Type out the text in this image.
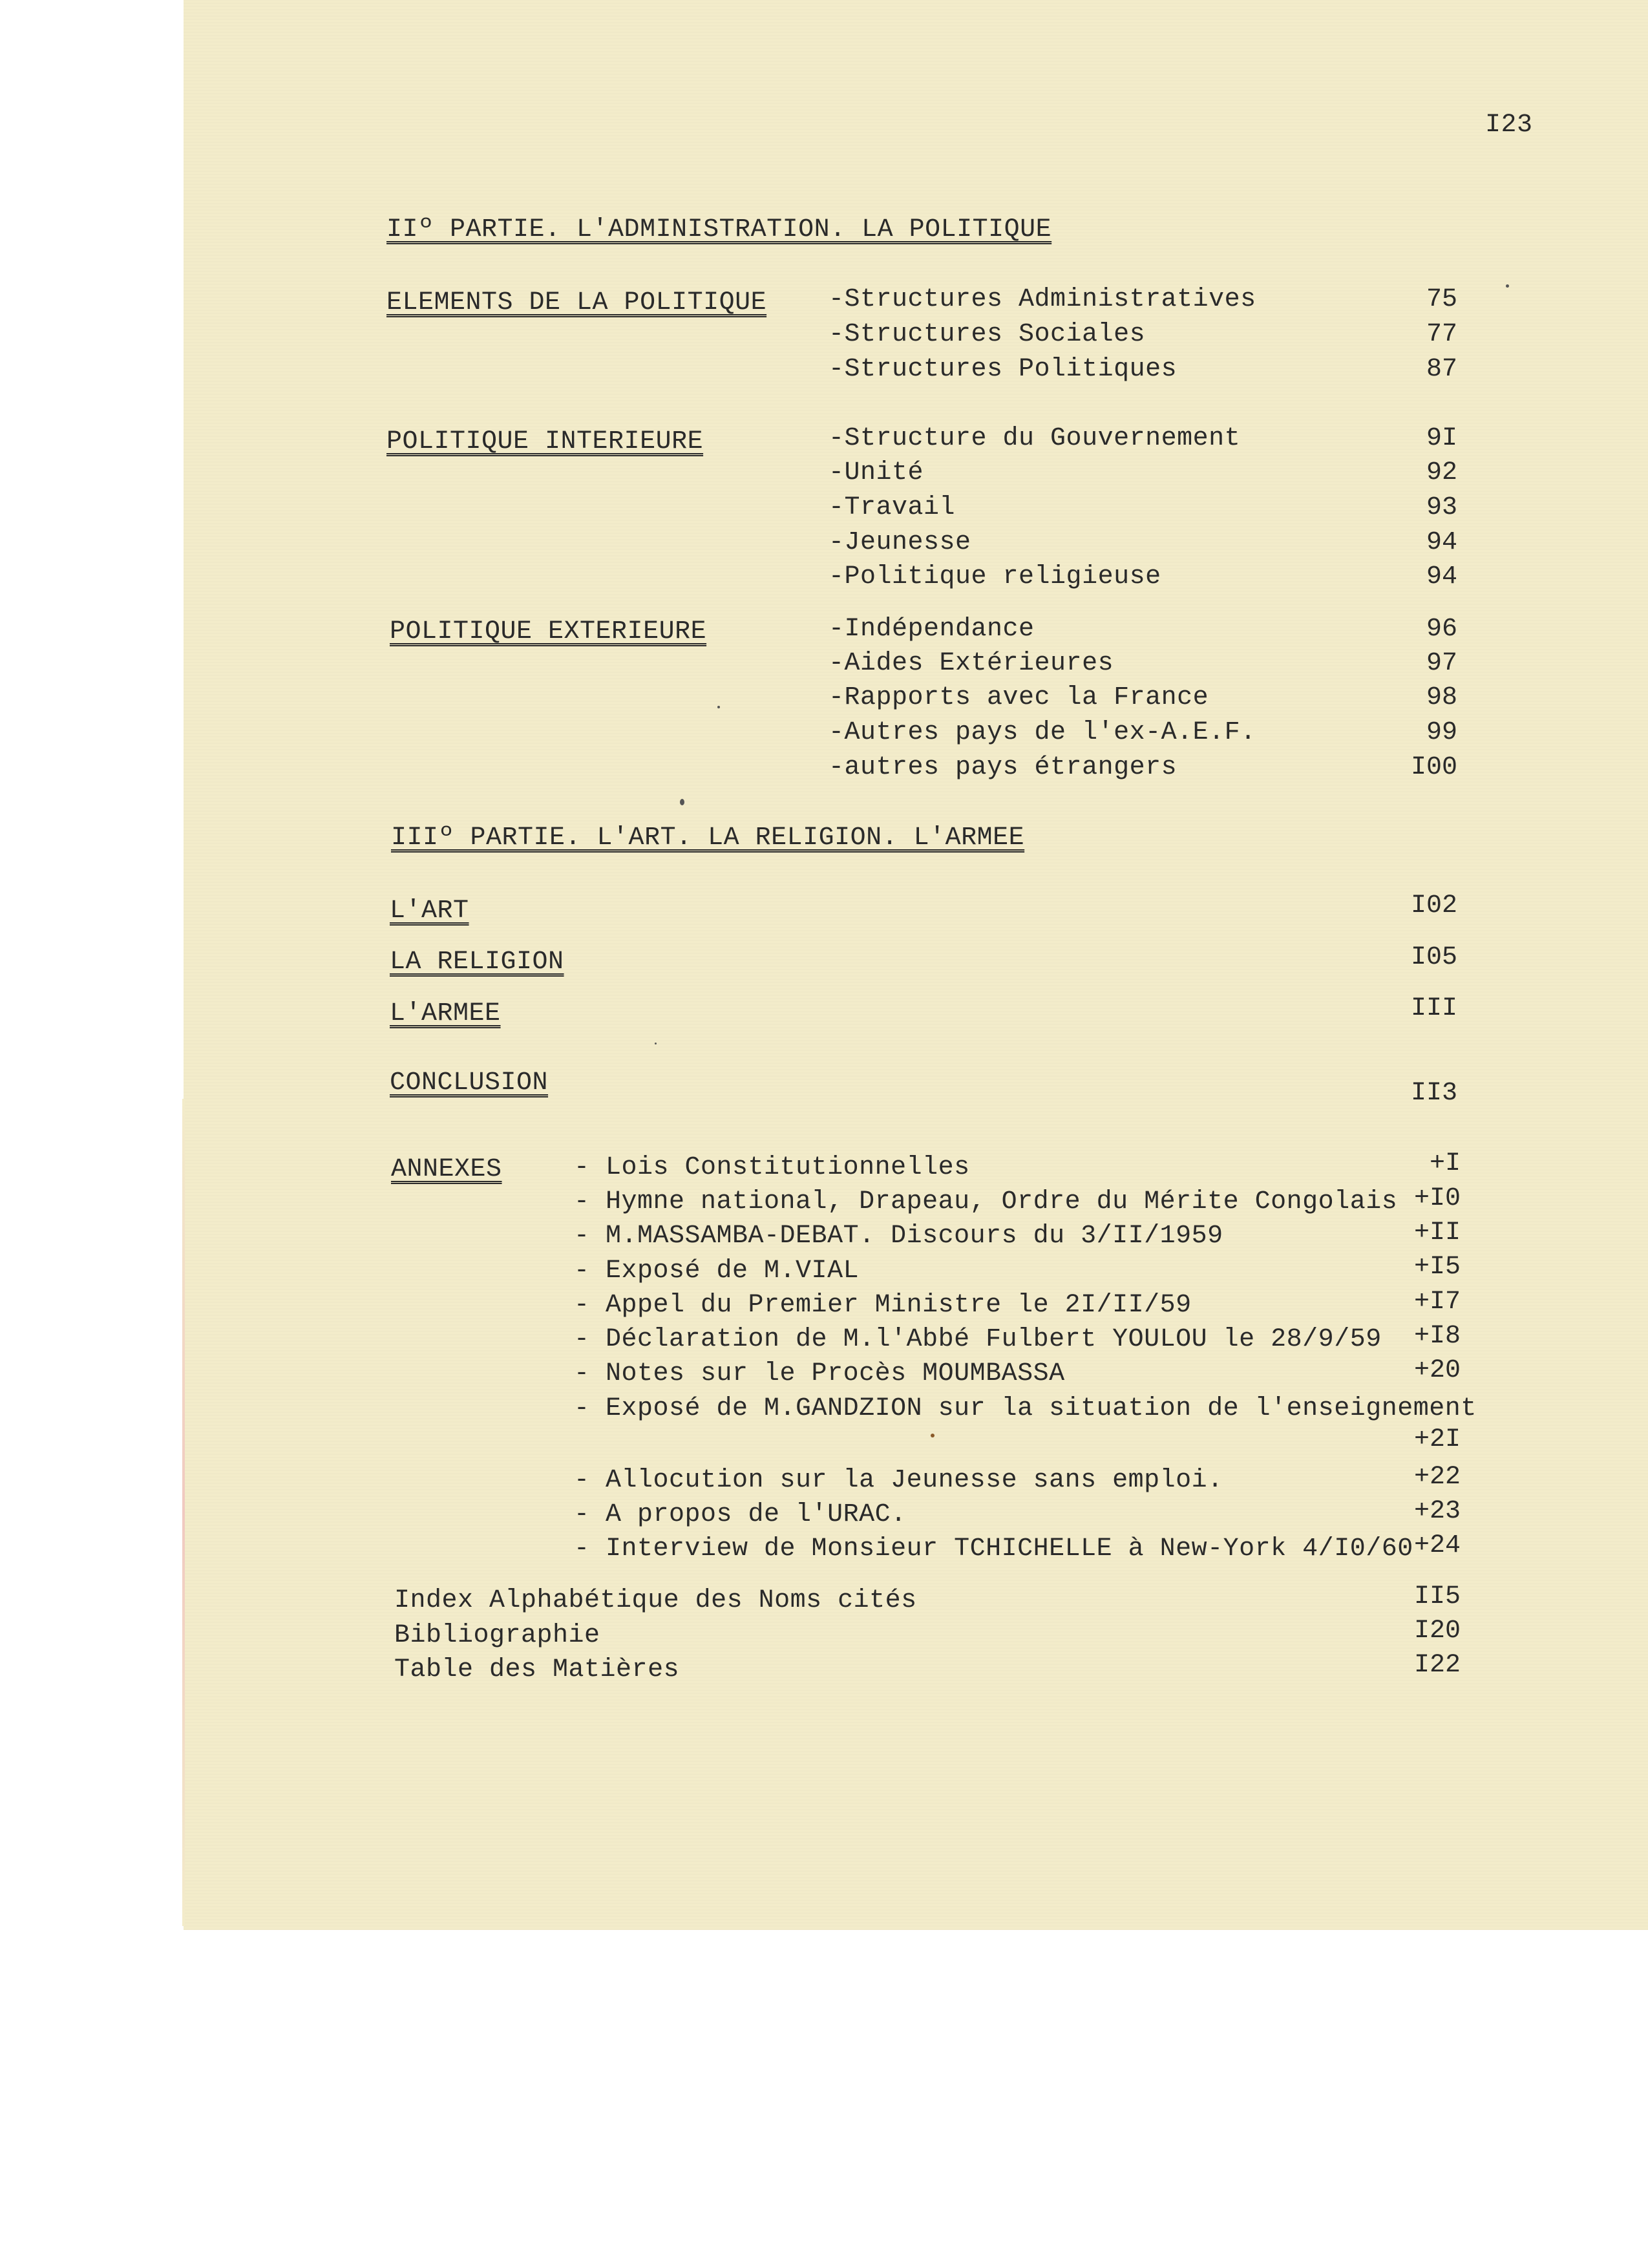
I23
IIº PARTIE. L'ADMINISTRATION. LA POLITIQUE
ELEMENTS DE LA POLITIQUE -Structures Administratives	75
-Structures Sociales	77
-Structures Politiques	87
POLITIQUE INTERIEURE	-Structure du Gouvernement	9I
-Unité	92
-Travail	93
-Jeunesse	94
-Politique religieuse	94
POLITIQUE EXTERIEURE	-Indépendance	96
-Aides Extérieures	97
-Rapports avec la France	98
-Autres pays de l'ex-A.E.F.	99
-autres pays étrangers	I00
IIIº PARTIE. L'ART. LA RELIGION. L'ARMEE
L'ART	I02
LA RELIGION	I05
L'ARMEE	III
CONCLUSION	II3
ANNEXES	- Lois Constitutionnelles	+I
- Hymne national, Drapeau, Ordre du Mérite Congolais +I0
- M.MASSAMBA-DEBAT. Discours du 3/II/1959	+II
- Exposé de M.VIAL	+I5
- Appel du Premier Ministre le 2I/II/59	+I7
- Déclaration de M.l'Abbé Fulbert YOULOU le 28/9/59	+I8
- Notes sur le Procès MOUMBASSA	+20
- Exposé de M.GANDZION sur la situation de l'enseignement
+2I
- Allocution sur la Jeunesse sans emploi.	+22
- A propos de l'URAC.	+23
- Interview de Monsieur TCHICHELLE à New-York 4/I0/60 +24
Index Alphabétique des Noms cités	II5
Bibliographie	I20
Table des Matières	I22
